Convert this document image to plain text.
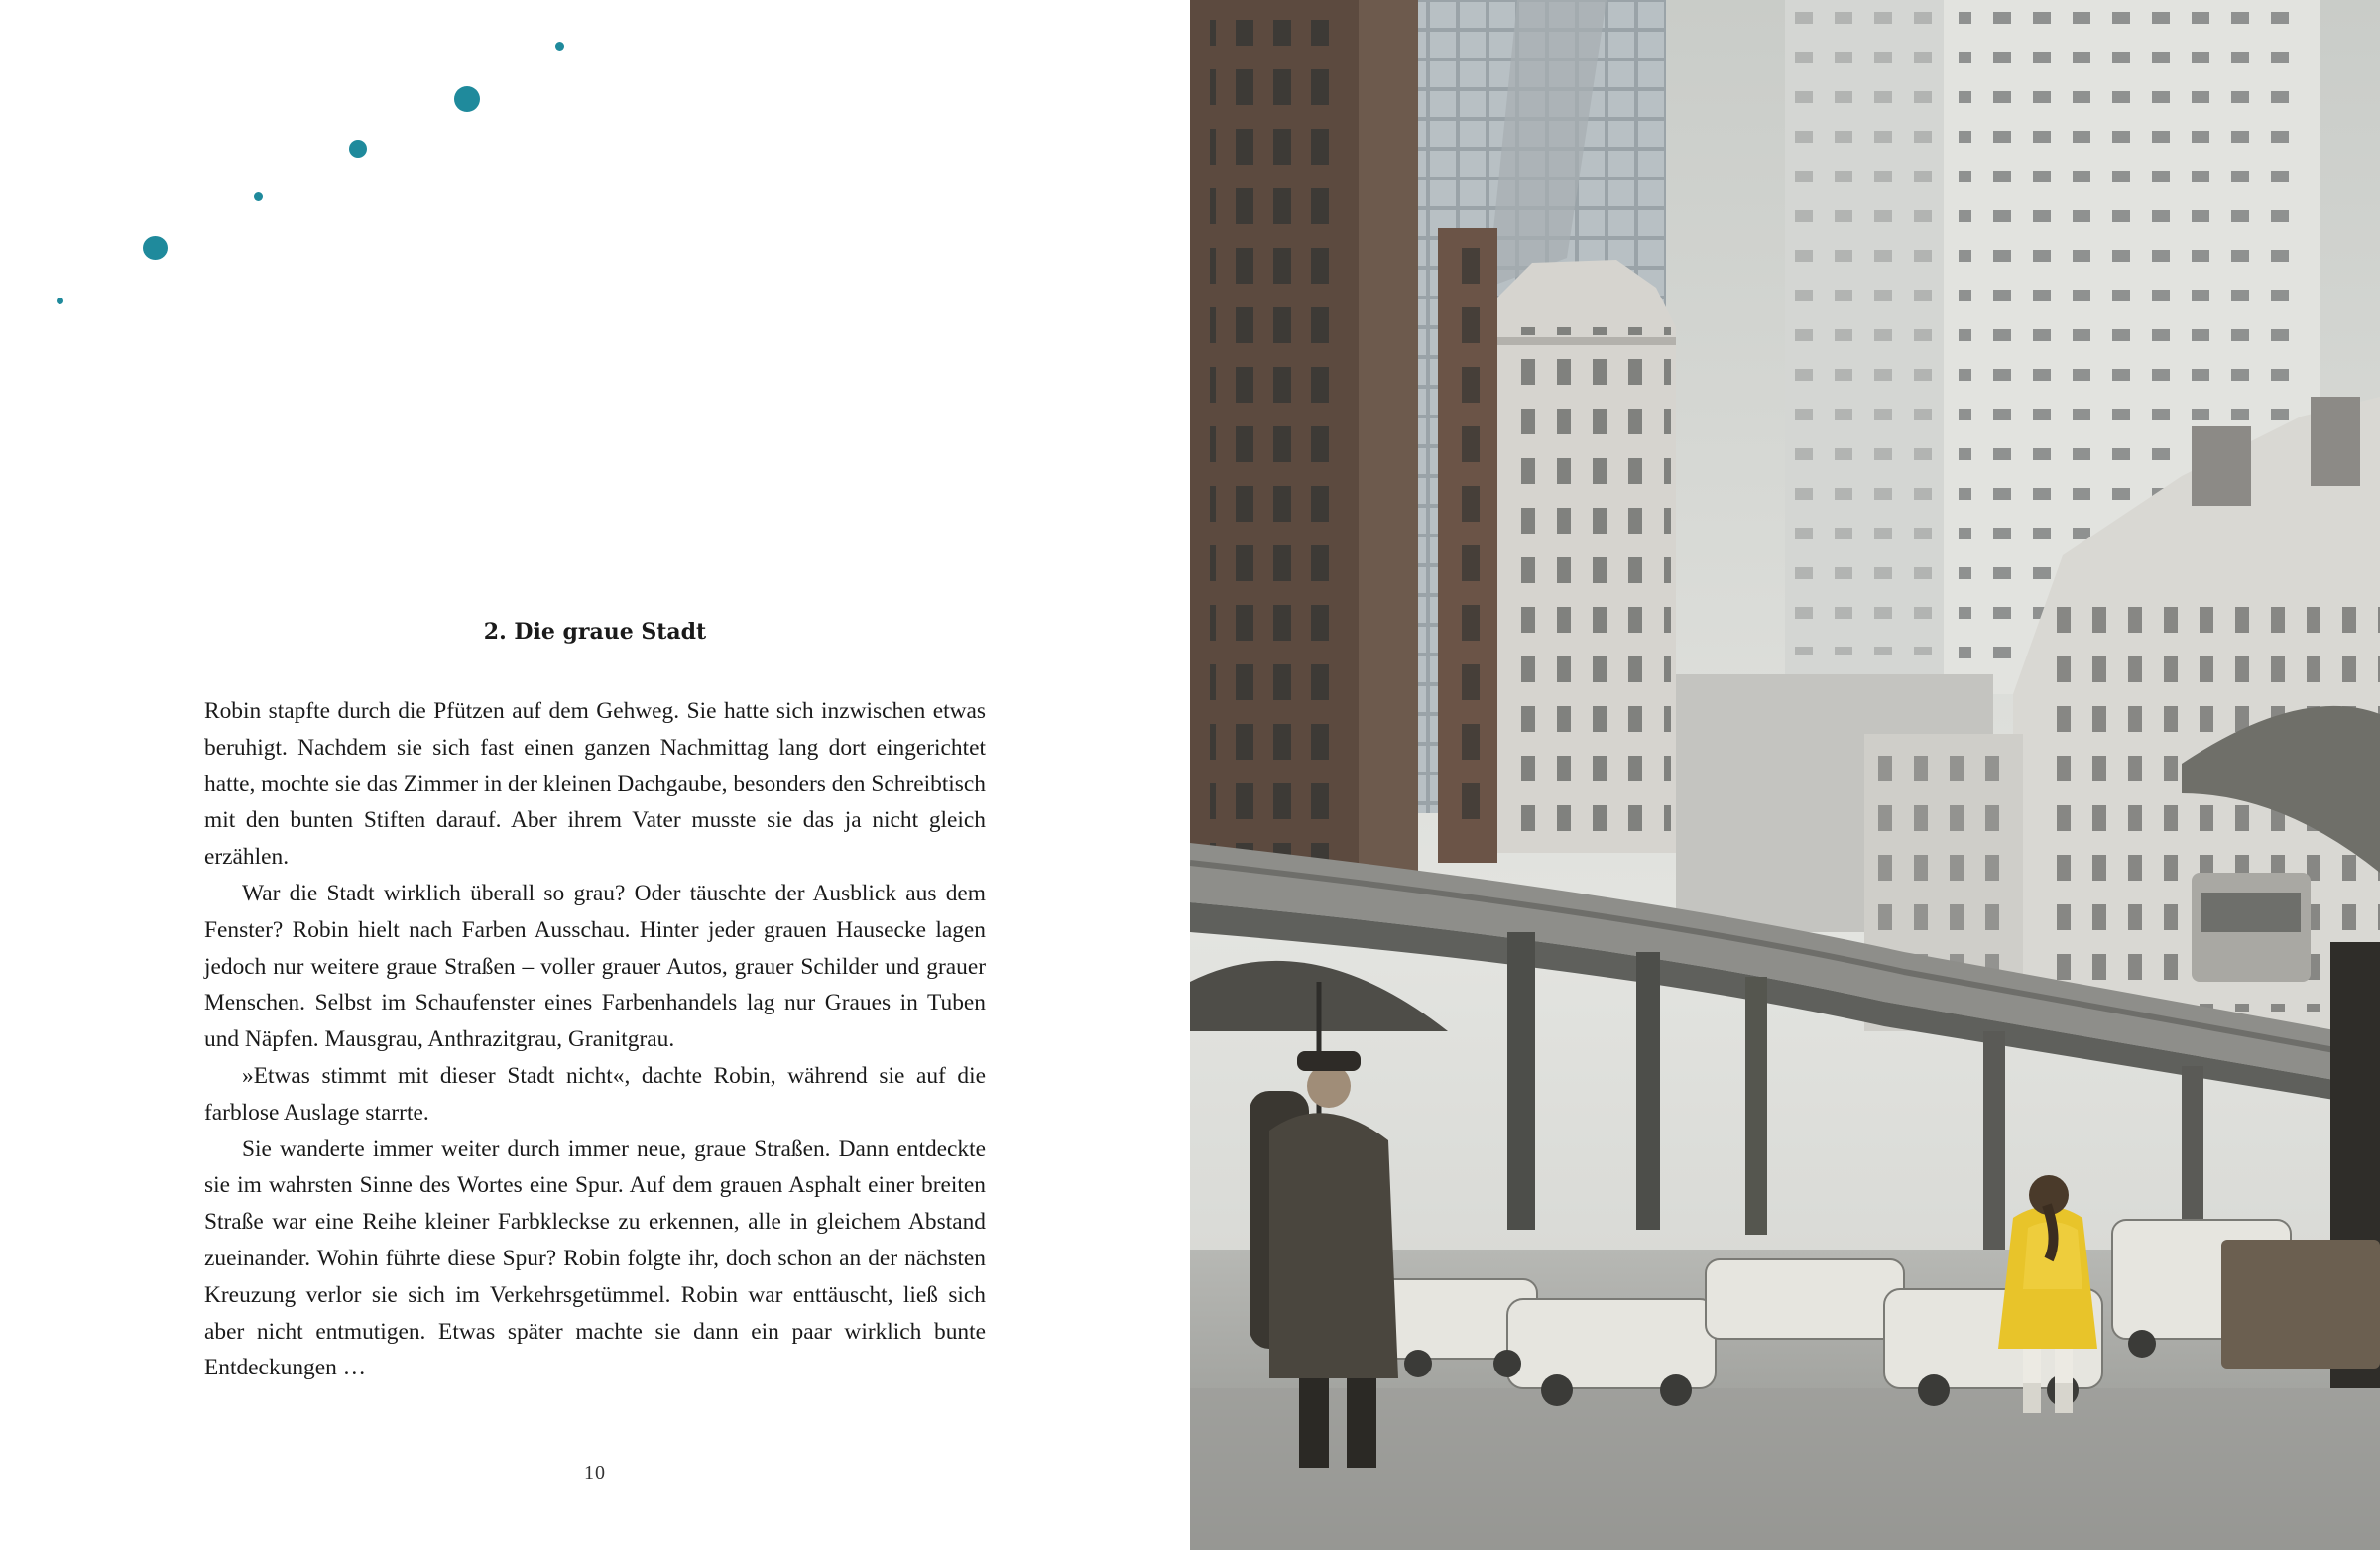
2. Die graue Stadt

Robin stapfte durch die Pfützen auf dem Gehweg. Sie hatte sich inzwischen etwas beruhigt. Nachdem sie sich fast einen ganzen Nachmittag lang dort eingerichtet hatte, mochte sie das Zimmer in der kleinen Dachgaube, besonders den Schreibtisch mit den bunten Stiften darauf. Aber ihrem Vater musste sie das ja nicht gleich erzählen.

War die Stadt wirklich überall so grau? Oder täuschte der Ausblick aus dem Fenster? Robin hielt nach Farben Ausschau. Hinter jeder grauen Hausecke lagen jedoch nur weitere graue Straßen – voller grauer Autos, grauer Schilder und grauer Menschen. Selbst im Schaufenster eines Farbenhandels lag nur Graues in Tuben und Näpfen. Mausgrau, Anthrazitgrau, Granitgrau.

»Etwas stimmt mit dieser Stadt nicht«, dachte Robin, während sie auf die farblose Auslage starrte.

Sie wanderte immer weiter durch immer neue, graue Straßen. Dann entdeckte sie im wahrsten Sinne des Wortes eine Spur. Auf dem grauen Asphalt einer breiten Straße war eine Reihe kleiner Farbkleckse zu erkennen, alle in gleichem Abstand zueinander. Wohin führte diese Spur? Robin folgte ihr, doch schon an der nächsten Kreuzung verlor sie sich im Verkehrsgetümmel. Robin war enttäuscht, ließ sich aber nicht entmutigen. Etwas später machte sie dann ein paar wirklich bunte Entdeckungen …

10
